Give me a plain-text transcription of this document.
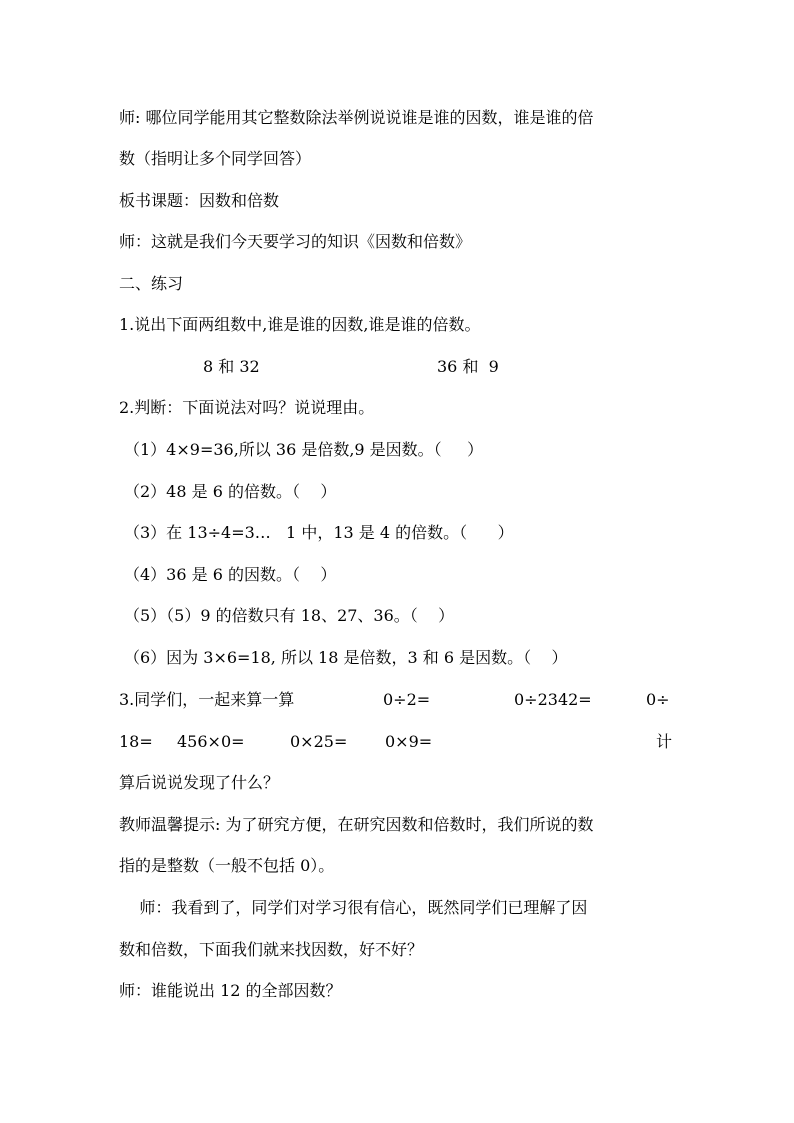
师: 哪位同学能用其它整数除法举例说说谁是谁的因数，谁是谁的倍
数（指明让多个同学回答）
板书课题：因数和倍数
师：这就是我们今天要学习的知识《因数和倍数》
二、练习
1.说出下面两组数中,谁是谁的因数,谁是谁的倍数。
8 和 32	36 和  9
2.判断：下面说法对吗？说说理由。
（1）4×9=36,所以 36 是倍数,9 是因数。（     ）
（2）48 是 6 的倍数。（    ）
（3）在 13÷4=3…   1 中，13 是 4 的倍数。（      ）
（4）36 是 6 的因数。（    ）
（5）（5）9 的倍数只有 18、27、36。（    ）
（6）因为 3×6=18, 所以 18 是倍数，3 和 6 是因数。（    ）
3.同学们，一起来算一算	0÷2=	0÷2342=	0÷
18= 456×0=	0×25= 0×9=	计
算后说说发现了什么？
教师温馨提示: 为了研究方便，在研究因数和倍数时，我们所说的数
指的是整数（一般不包括 0）。
师：我看到了，同学们对学习很有信心，既然同学们已理解了因
数和倍数，下面我们就来找因数，好不好？
师：谁能说出 12 的全部因数？
